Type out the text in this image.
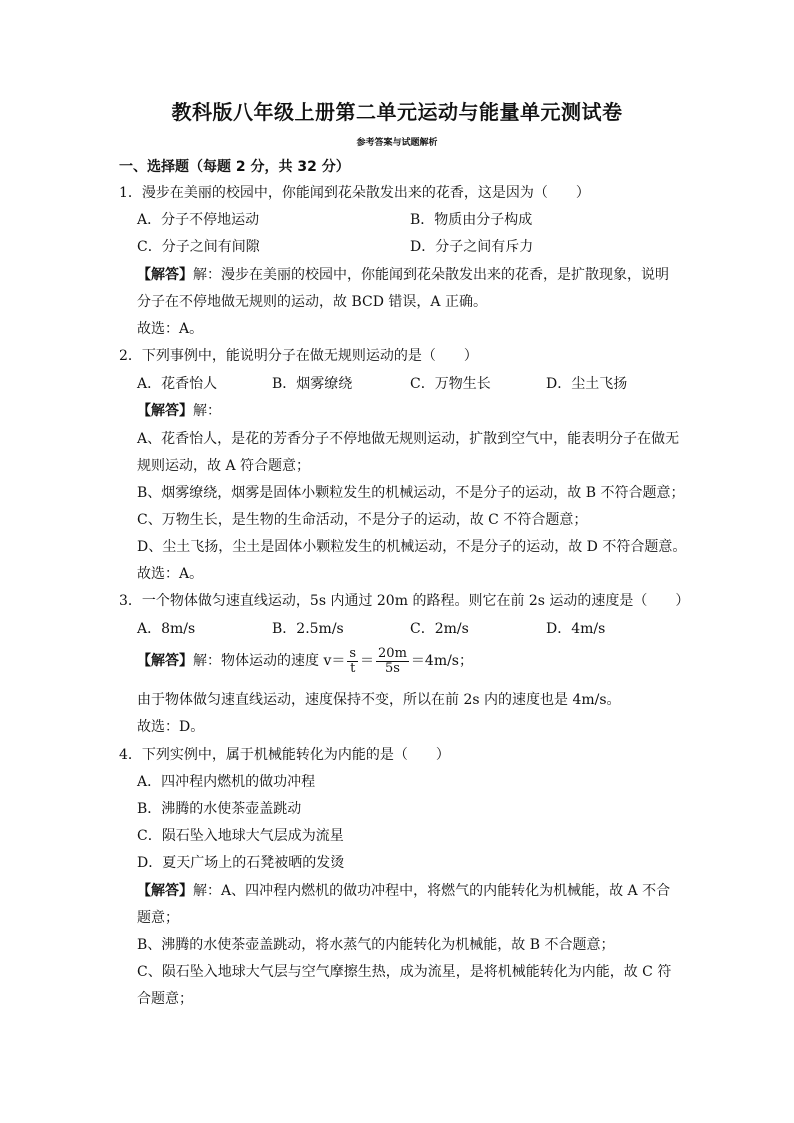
教科版八年级上册第二单元运动与能量单元测试卷
参考答案与试题解析
一、选择题（每题 2 分，共 32 分）
1．漫步在美丽的校园中，你能闻到花朵散发出来的花香，这是因为（　　）
A．分子不停地运动	B．物质由分子构成
C．分子之间有间隙	D．分子之间有斥力
【解答】解：漫步在美丽的校园中，你能闻到花朵散发出来的花香，是扩散现象，说明
分子在不停地做无规则的运动，故 BCD 错误，A 正确。
故选：A。
2．下列事例中，能说明分子在做无规则运动的是（　　）
A．花香怡人	B．烟雾缭绕	C．万物生长	D．尘土飞扬
【解答】解：
A、花香怡人，是花的芳香分子不停地做无规则运动，扩散到空气中，能表明分子在做无
规则运动，故 A 符合题意；
B、烟雾缭绕，烟雾是固体小颗粒发生的机械运动，不是分子的运动，故 B 不符合题意；
C、万物生长，是生物的生命活动，不是分子的运动，故 C 不符合题意；
D、尘土飞扬，尘土是固体小颗粒发生的机械运动，不是分子的运动，故 D 不符合题意。
故选：A。
3．一个物体做匀速直线运动，5s 内通过 20m 的路程。则它在前 2s 运动的速度是（　　）
A．8m/s	B．2.5m/s	C．2m/s	D．4m/s
【解答】解：物体运动的速度 $v= \frac{s}{t} = \frac{20m}{5s} =4m/s$；
由于物体做匀速直线运动，速度保持不变，所以在前 2s 内的速度也是 4m/s。
故选：D。
4．下列实例中，属于机械能转化为内能的是（　　）
A．四冲程内燃机的做功冲程
B．沸腾的水使茶壶盖跳动
C．陨石坠入地球大气层成为流星
D．夏天广场上的石凳被晒的发烫
【解答】解：A、四冲程内燃机的做功冲程中，将燃气的内能转化为机械能，故 A 不合
题意；
B、沸腾的水使茶壶盖跳动，将水蒸气的内能转化为机械能，故 B 不合题意；
C、陨石坠入地球大气层与空气摩擦生热，成为流星，是将机械能转化为内能，故 C 符
合题意；
